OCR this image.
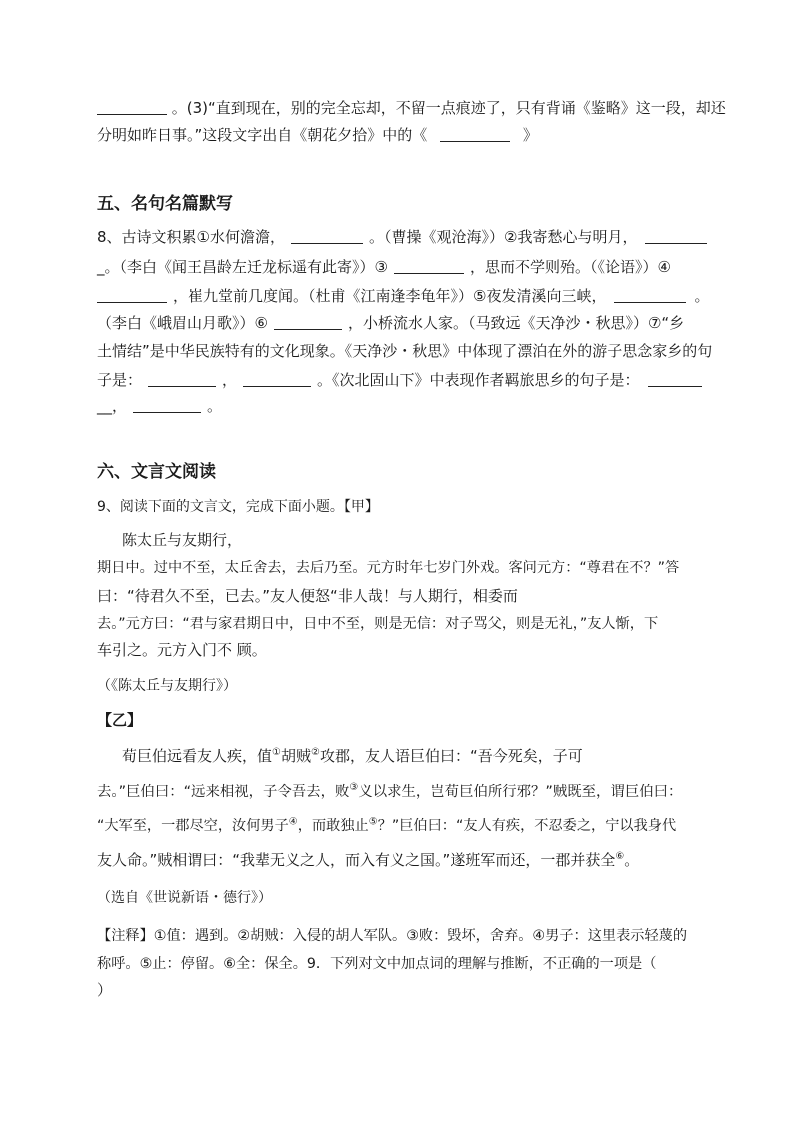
。(3)“直到现在，别的完全忘却，不留一点痕迹了，只有背诵《鉴略》这一段，却还
分明如昨日事。”这段文字出自《朝花夕拾》中的《	》
五、名句名篇默写
8、古诗文积累①水何澹澹，	。（曹操《观沧海》）②我寄愁心与明月，
_。（李白《闻王昌龄左迁龙标遥有此寄》）③	，思而不学则殆。（《论语》）④
，崔九堂前几度闻。（杜甫《江南逢李龟年》）⑤夜发清溪向三峡，	。
（李白《峨眉山月歌》）⑥	，小桥流水人家。（马致远《天净沙・秋思》）⑦“乡
土情结”是中华民族特有的文化现象。《天净沙・秋思》中体现了漂泊在外的游子思念家乡的句
子是：	，	。《次北固山下》中表现作者羁旅思乡的句子是：
__，	。
六、文言文阅读
9、阅读下面的文言文，完成下面小题。【甲】
陈太丘与友期行，
期日中。过中不至，太丘舍去，去后乃至。元方时年七岁门外戏。客问元方：“尊君在不？”答
曰：“待君久不至，已去。”友人便怒“非人哉！与人期行，相委而
去。”元方曰：“君与家君期日中，日中不至，则是无信：对子骂父，则是无礼，”友人惭，下
车引之。元方入门不 顾。
（《陈太丘与友期行》）
【乙】
荀巨伯远看友人疾，值①胡贼②攻郡，友人语巨伯曰：“吾今死矣，子可
去。”巨伯曰：“远来相视，子令吾去，败③义以求生，岂荀巨伯所行邪？”贼既至，谓巨伯曰：
“大军至，一郡尽空，汝何男子④，而敢独止⑤？”巨伯曰：“友人有疾，不忍委之，宁以我身代
友人命。”贼相谓曰：“我辈无义之人，而入有义之国。”遂班军而还，一郡并获全⑥。
（选自《世说新语・德行》）
【注释】①值：遇到。②胡贼：入侵的胡人军队。③败：毁坏，舍弃。④男子：这里表示轻蔑的
称呼。⑤止：停留。⑥全：保全。9．下列对文中加点词的理解与推断，不正确的一项是（
）
